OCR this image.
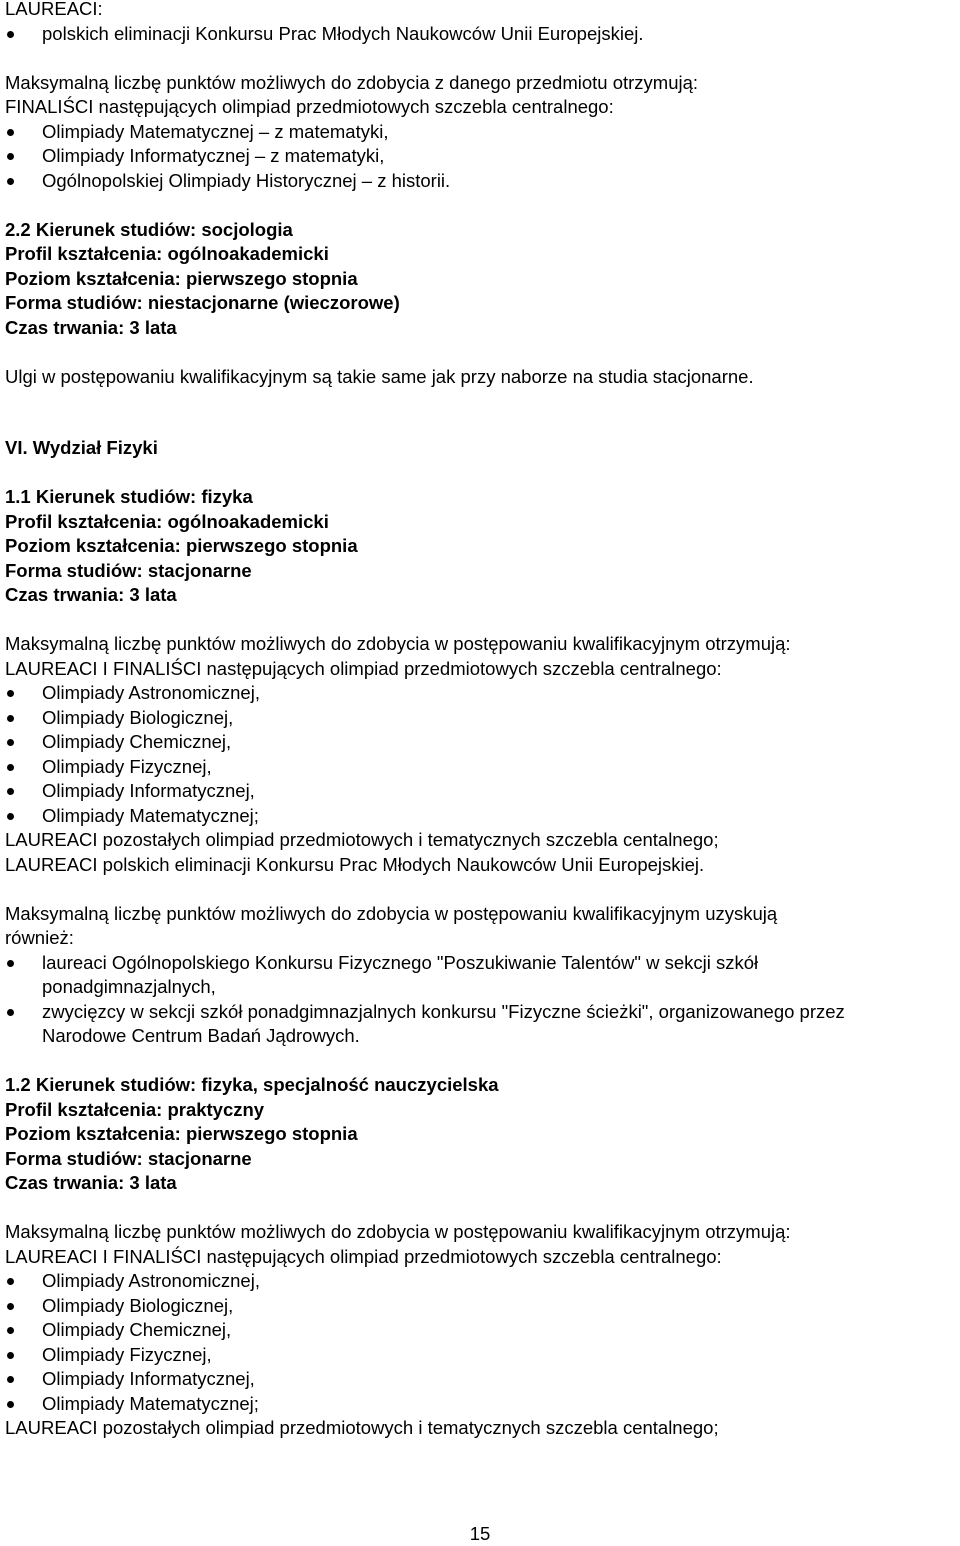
LAUREACI:
polskich eliminacji Konkursu Prac Młodych Naukowców Unii Europejskiej.
Maksymalną liczbę punktów możliwych do zdobycia z danego przedmiotu otrzymują:
FINALIŚCI następujących olimpiad przedmiotowych szczebla centralnego:
Olimpiady Matematycznej – z matematyki,
Olimpiady Informatycznej – z matematyki,
Ogólnopolskiej Olimpiady Historycznej – z historii.
2.2 Kierunek studiów: socjologia
Profil kształcenia: ogólnoakademicki
Poziom kształcenia: pierwszego stopnia
Forma studiów: niestacjonarne (wieczorowe)
Czas trwania: 3 lata
Ulgi w postępowaniu kwalifikacyjnym są takie same jak przy naborze na studia stacjonarne.
VI. Wydział Fizyki
1.1 Kierunek studiów: fizyka
Profil kształcenia: ogólnoakademicki
Poziom kształcenia: pierwszego stopnia
Forma studiów: stacjonarne
Czas trwania: 3 lata
Maksymalną liczbę punktów możliwych do zdobycia w postępowaniu kwalifikacyjnym otrzymują:
LAUREACI I FINALIŚCI następujących olimpiad przedmiotowych szczebla centralnego:
Olimpiady Astronomicznej,
Olimpiady Biologicznej,
Olimpiady Chemicznej,
Olimpiady Fizycznej,
Olimpiady Informatycznej,
Olimpiady Matematycznej;
LAUREACI pozostałych olimpiad przedmiotowych i tematycznych szczebla centalnego;
LAUREACI polskich eliminacji Konkursu Prac Młodych Naukowców Unii Europejskiej.
Maksymalną liczbę punktów możliwych do zdobycia w postępowaniu kwalifikacyjnym uzyskują
również:
laureaci Ogólnopolskiego Konkursu Fizycznego "Poszukiwanie Talentów" w sekcji szkół
ponadgimnazjalnych,
zwycięzcy w sekcji szkół ponadgimnazjalnych konkursu "Fizyczne ścieżki", organizowanego przez
Narodowe Centrum Badań Jądrowych.
1.2 Kierunek studiów: fizyka, specjalność nauczycielska
Profil kształcenia: praktyczny
Poziom kształcenia: pierwszego stopnia
Forma studiów: stacjonarne
Czas trwania: 3 lata
Maksymalną liczbę punktów możliwych do zdobycia w postępowaniu kwalifikacyjnym otrzymują:
LAUREACI I FINALIŚCI następujących olimpiad przedmiotowych szczebla centralnego:
Olimpiady Astronomicznej,
Olimpiady Biologicznej,
Olimpiady Chemicznej,
Olimpiady Fizycznej,
Olimpiady Informatycznej,
Olimpiady Matematycznej;
LAUREACI pozostałych olimpiad przedmiotowych i tematycznych szczebla centalnego;
15
